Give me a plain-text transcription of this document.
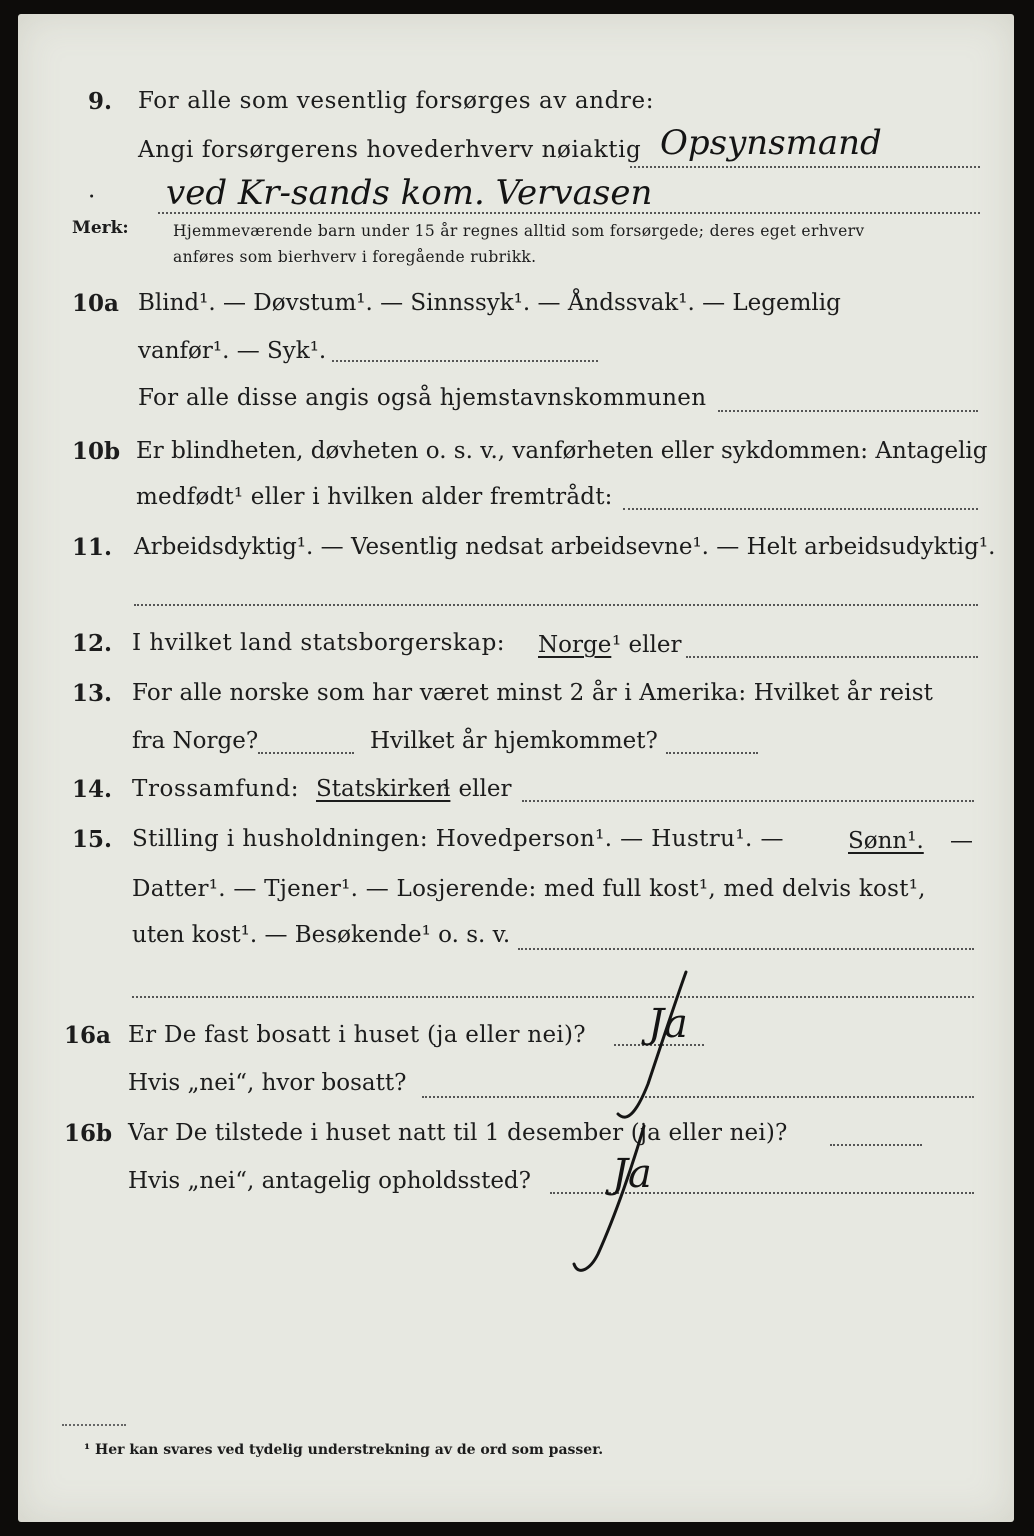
9. For alle som vesentlig forsørges av andre:
Angi forsørgerens hovederhverv nøiaktig Opsynsmand
· ved Kr-sands kom. Vervasen
Merk:	Hjemmeværende barn under 15 år regnes alltid som forsørgede; deres eget erhverv
anføres som bierhverv i foregående rubrikk.
10a Blind¹. — Døvstum¹. — Sinnssyk¹. — Åndssvak¹. — Legemlig
vanfør¹. — Syk¹.
For alle disse angis også hjemstavnskommunen
10b Er blindheten, døvheten o. s. v., vanførheten eller sykdommen: Antagelig
medfødt¹ eller i hvilken alder fremtrådt:
11. Arbeidsdyktig¹. — Vesentlig nedsat arbeidsevne¹. — Helt arbeidsudyktig¹.
12. I hvilket land statsborgerskap: Norge ¹ eller
13. For alle norske som har været minst 2 år i Amerika: Hvilket år reist
fra Norge?	Hvilket år hjemkommet?
14. Trossamfund: Statskirken
¹ eller
15. Stilling i husholdningen: Hovedperson¹. — Hustru¹. —	Sønn¹. —
Datter¹. — Tjener¹. — Losjerende: med full kost¹, med delvis kost¹,
uten kost¹. — Besøkende¹ o. s. v.
16a Er De fast bosatt i huset (ja eller nei)? Ja
Hvis „nei“, hvor bosatt?
16b Var De tilstede i huset natt til 1 desember (ja eller nei)?
Hvis „nei“, antagelig opholdssted? Ja
¹ Her kan svares ved tydelig understrekning av de ord som passer.
